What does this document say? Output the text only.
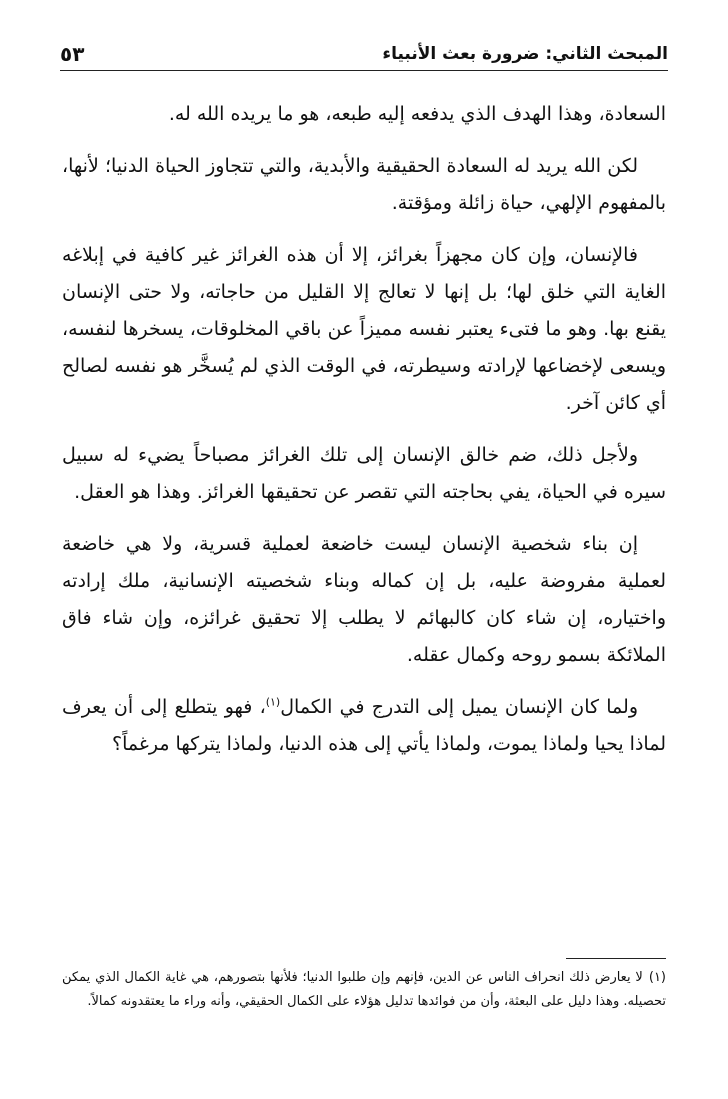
المبحث الثاني: ضرورة بعث الأنبياء
٥٣

السعادة، وهذا الهدف الذي يدفعه إليه طبعه، هو ما يريده الله له.

لكن الله يريد له السعادة الحقيقية والأبدية، والتي تتجاوز الحياة الدنيا؛ لأنها، بالمفهوم الإلهي، حياة زائلة ومؤقتة.

فالإنسان، وإن كان مجهزاً بغرائز، إلا أن هذه الغرائز غير كافية في إبلاغه الغاية التي خلق لها؛ بل إنها لا تعالج إلا القليل من حاجاته، ولا حتى الإنسان يقنع بها. وهو ما فتىء يعتبر نفسه مميزاً عن باقي المخلوقات، يسخرها لنفسه، ويسعى لإخضاعها لإرادته وسيطرته، في الوقت الذي لم يُسخَّر هو نفسه لصالح أي كائن آخر.

ولأجل ذلك، ضم خالق الإنسان إلى تلك الغرائز مصباحاً يضيء له سبيل سيره في الحياة، يفي بحاجته التي تقصر عن تحقيقها الغرائز. وهذا هو العقل.

إن بناء شخصية الإنسان ليست خاضعة لعملية قسرية، ولا هي خاضعة لعملية مفروضة عليه، بل إن كماله وبناء شخصيته الإنسانية، ملك إرادته واختياره، إن شاء كان كالبهائم لا يطلب إلا تحقيق غرائزه، وإن شاء فاق الملائكة بسمو روحه وكمال عقله.

ولما كان الإنسان يميل إلى التدرج في الكمال$^{(١)}$، فهو يتطلع إلى أن يعرف لماذا يحيا ولماذا يموت، ولماذا يأتي إلى هذه الدنيا، ولماذا يتركها مرغماً؟

(١)لا يعارض ذلك انحراف الناس عن الدين، فإنهم وإن طلبوا الدنيا؛ فلأنها بتصورهم، هي غاية الكمال الذي يمكن تحصيله. وهذا دليل على البعثة، وأن من فوائدها تدليل هؤلاء على الكمال الحقيقي، وأنه وراء ما يعتقدونه كمالاً.
